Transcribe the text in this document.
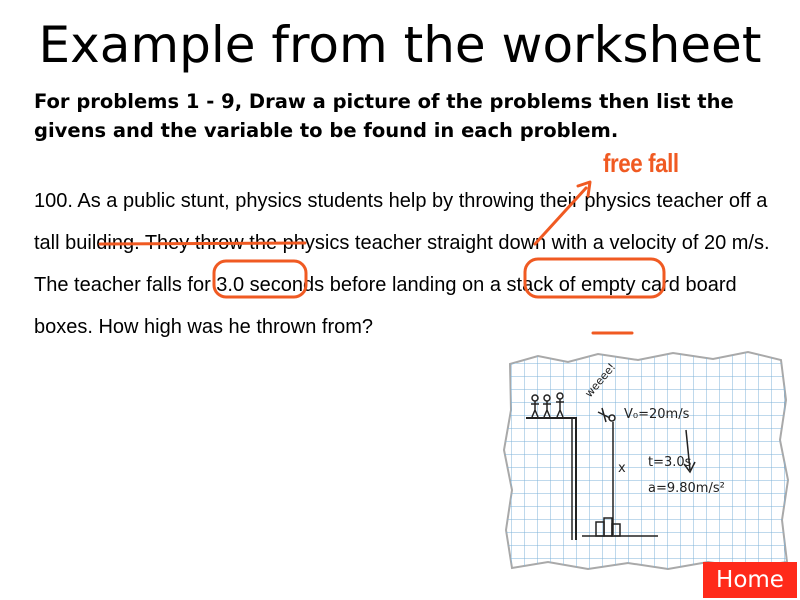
Example from the worksheet

For problems 1 - 9, Draw a picture of the problems then list the givens and the variable to be found in each problem.

100. As a public stunt, physics students help by throwing their physics teacher off a tall building. They throw the physics teacher straight down with a velocity of 20 m/s. The teacher falls for 3.0 seconds before landing on a stack of empty card board boxes. How high was he thrown from?

free fall
weeee!
V₀=20m/s
t=3.0s
a=9.80m/s²
x
Home
